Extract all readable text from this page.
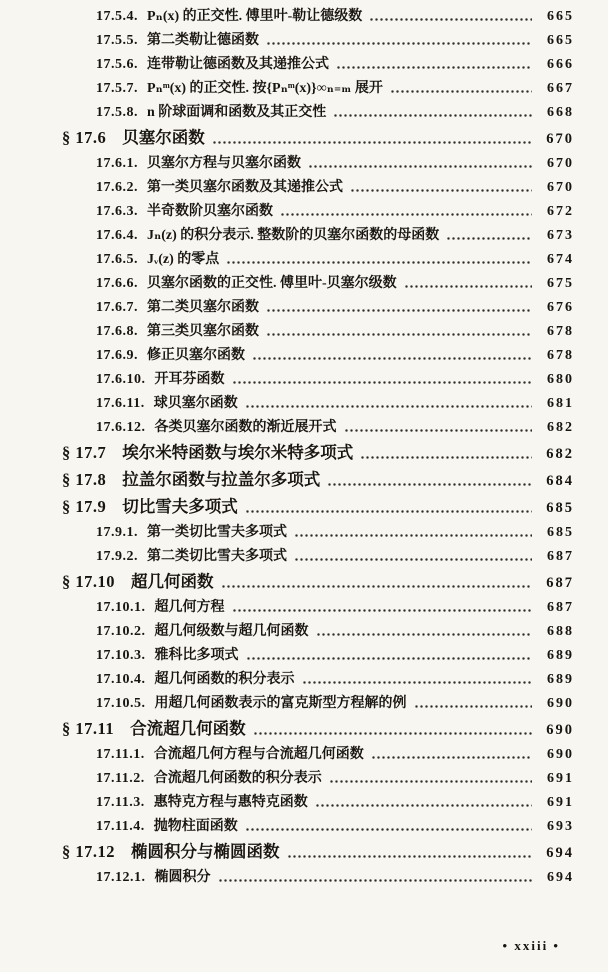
17.5.4. Pₙ(x) 的正交性. 傅里叶-勒让德级数	665
17.5.5. 第二类勒让德函数	665
17.5.6. 连带勒让德函数及其递推公式	666
17.5.7. Pₙᵐ(x) 的正交性. 按{Pₙᵐ(x)}∞ₙ₌ₘ 展开	667
17.5.8. n 阶球面调和函数及其正交性	668
§ 17.6 贝塞尔函数	670
17.6.1. 贝塞尔方程与贝塞尔函数	670
17.6.2. 第一类贝塞尔函数及其递推公式	670
17.6.3. 半奇数阶贝塞尔函数	672
17.6.4. Jₙ(z) 的积分表示. 整数阶的贝塞尔函数的母函数	673
17.6.5. Jᵥ(z) 的零点	674
17.6.6. 贝塞尔函数的正交性. 傅里叶-贝塞尔级数	675
17.6.7. 第二类贝塞尔函数	676
17.6.8. 第三类贝塞尔函数	678
17.6.9. 修正贝塞尔函数	678
17.6.10. 开耳芬函数	680
17.6.11. 球贝塞尔函数	681
17.6.12. 各类贝塞尔函数的渐近展开式	682
§ 17.7 埃尔米特函数与埃尔米特多项式	682
§ 17.8 拉盖尔函数与拉盖尔多项式	684
§ 17.9 切比雪夫多项式	685
17.9.1. 第一类切比雪夫多项式	685
17.9.2. 第二类切比雪夫多项式	687
§ 17.10 超几何函数	687
17.10.1. 超几何方程	687
17.10.2. 超几何级数与超几何函数	688
17.10.3. 雅科比多项式	689
17.10.4. 超几何函数的积分表示	689
17.10.5. 用超几何函数表示的富克斯型方程解的例	690
§ 17.11 合流超几何函数	690
17.11.1. 合流超几何方程与合流超几何函数	690
17.11.2. 合流超几何函数的积分表示	691
17.11.3. 惠特克方程与惠特克函数	691
17.11.4. 抛物柱面函数	693
§ 17.12 椭圆积分与椭圆函数	694
17.12.1. 椭圆积分	694
• xxiii •
